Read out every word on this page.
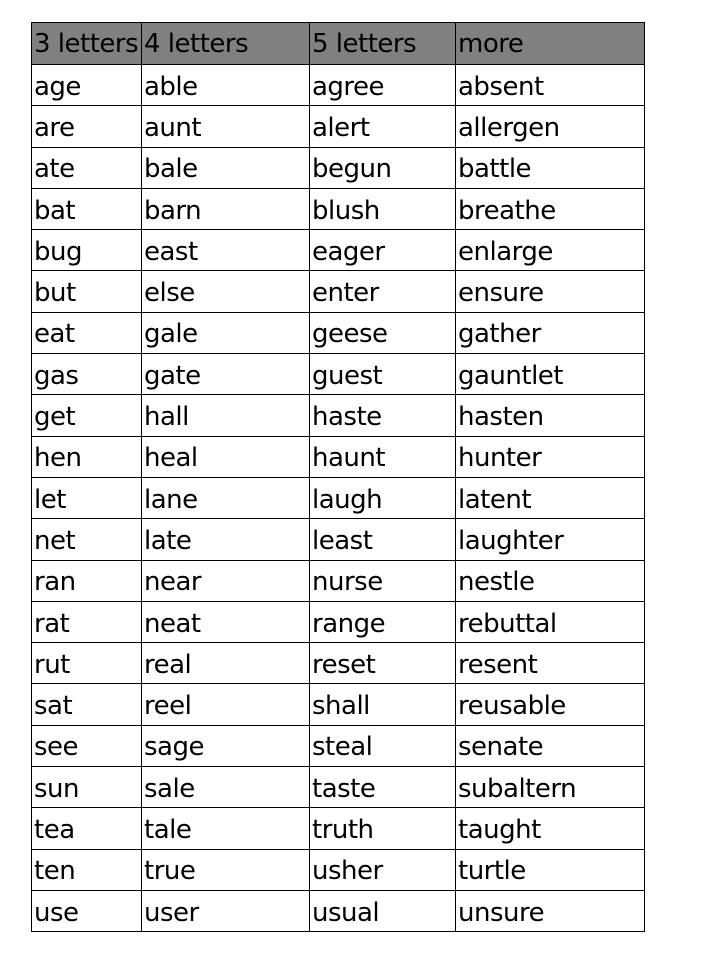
3 letters	4 letters	5 letters	more
age	able	agree	absent
are	aunt	alert	allergen
ate	bale	begun	battle
bat	barn	blush	breathe
bug	east	eager	enlarge
but	else	enter	ensure
eat	gale	geese	gather
gas	gate	guest	gauntlet
get	hall	haste	hasten
hen	heal	haunt	hunter
let	lane	laugh	latent
net	late	least	laughter
ran	near	nurse	nestle
rat	neat	range	rebuttal
rut	real	reset	resent
sat	reel	shall	reusable
see	sage	steal	senate
sun	sale	taste	subaltern
tea	tale	truth	taught
ten	true	usher	turtle
use	user	usual	unsure
